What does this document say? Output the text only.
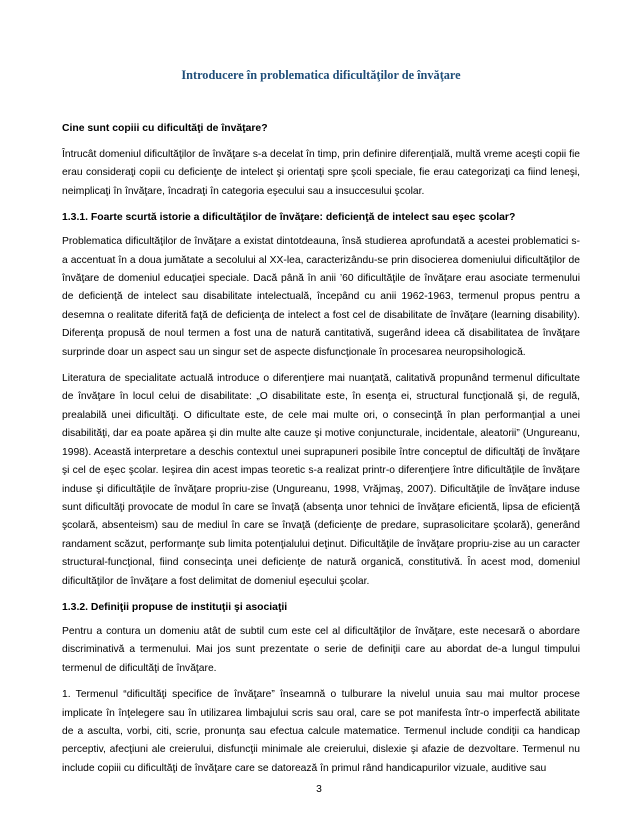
Introducere în problematica dificultăţilor de învăţare
Cine sunt copiii cu dificultăţi de învăţare?
Întrucât domeniul dificultăţilor de învăţare s-a decelat în timp, prin definire diferenţială, multă vreme aceşti copii fie erau consideraţi copii cu deficienţe de intelect şi orientaţi spre şcoli speciale, fie erau categorizaţi ca fiind leneşi, neimplicaţi în învăţare, încadraţi în categoria eşecului sau a insuccesului şcolar.
1.3.1. Foarte scurtă istorie a dificultăţilor de învăţare: deficienţă de intelect sau eşec şcolar?
Problematica dificultăţilor de învăţare a existat dintotdeauna, însă studierea aprofundată a acestei problematici s-a accentuat în a doua jumătate a secolului al XX-lea, caracterizându-se prin disocierea domeniului dificultăţilor de învăţare de domeniul educaţiei speciale. Dacă până în anii ’60 dificultăţile de învăţare erau asociate termenului de deficienţă de intelect sau disabilitate intelectuală, începând cu anii 1962-1963, termenul propus pentru a desemna o realitate diferită faţă de deficienţa de intelect a fost cel de disabilitate de învăţare (learning disability). Diferenţa propusă de noul termen a fost una de natură cantitativă, sugerând ideea că disabilitatea de învăţare surprinde doar un aspect sau un singur set de aspecte disfuncţionale în procesarea neuropsihologică.
Literatura de specialitate actuală introduce o diferenţiere mai nuanţată, calitativă propunând termenul dificultate de învăţare în locul celui de disabilitate: „O disabilitate este, în esenţa ei, structural funcţională şi, de regulă, prealabilă unei dificultăţi. O dificultate este, de cele mai multe ori, o consecinţă în plan performanţial a unei disabilităţi, dar ea poate apărea şi din multe alte cauze şi motive conjuncturale, incidentale, aleatorii” (Ungureanu, 1998). Această interpretare a deschis contextul unei suprapuneri posibile între conceptul de dificultăţi de învăţare şi cel de eşec şcolar. Ieşirea din acest impas teoretic s-a realizat printr-o diferenţiere între dificultăţile de învăţare induse şi dificultăţile de învăţare propriu-zise (Ungureanu, 1998, Vrăjmaş, 2007). Dificultăţile de învăţare induse sunt dificultăţi provocate de modul în care se învaţă (absenţa unor tehnici de învăţare eficientă, lipsa de eficienţă şcolară, absenteism) sau de mediul în care se învaţă (deficienţe de predare, suprasolicitare şcolară), generând randament scăzut, performanţe sub limita potenţialului deţinut. Dificultăţile de învăţare propriu-zise au un caracter structural-funcţional, fiind consecinţa unei deficienţe de natură organică, constitutivă. În acest mod, domeniul dificultăţilor de învăţare a fost delimitat de domeniul eşecului şcolar.
1.3.2. Definiţii propuse de instituţii şi asociaţii
Pentru a contura un domeniu atât de subtil cum este cel al dificultăţilor de învăţare, este necesară o abordare discriminativă a termenului. Mai jos sunt prezentate o serie de definiţii care au abordat de-a lungul timpului termenul de dificultăţi de învăţare.
1. Termenul “dificultăţi specifice de învăţare” înseamnă o tulburare la nivelul unuia sau mai multor procese implicate în înţelegere sau în utilizarea limbajului scris sau oral, care se pot manifesta într-o imperfectă abilitate de a asculta, vorbi, citi, scrie, pronunţa sau efectua calcule matematice. Termenul include condiţii ca handicap perceptiv, afecţiuni ale creierului, disfuncţii minimale ale creierului, dislexie şi afazie de dezvoltare. Termenul nu include copiii cu dificultăţi de învăţare care se datorează în primul rând handicapurilor vizuale, auditive sau
3
